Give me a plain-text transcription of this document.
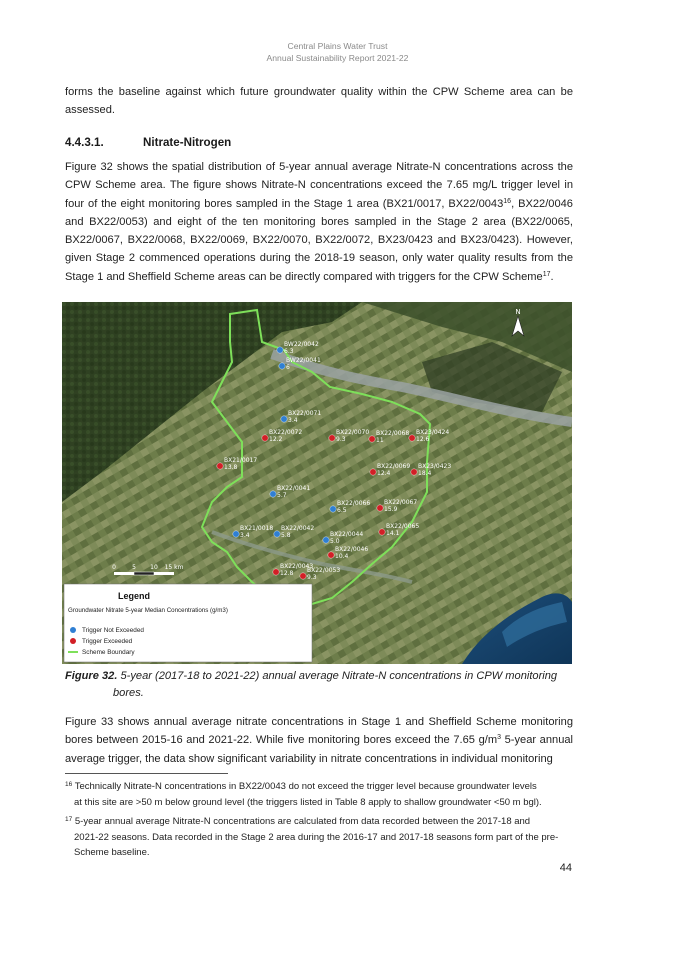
Central Plains Water Trust
Annual Sustainability Report 2021-22
forms the baseline against which future groundwater quality within the CPW Scheme area can be assessed.
4.4.3.1.	Nitrate-Nitrogen
Figure 32 shows the spatial distribution of 5-year annual average Nitrate-N concentrations across the CPW Scheme area. The figure shows Nitrate-N concentrations exceed the 7.65 mg/L trigger level in four of the eight monitoring bores sampled in the Stage 1 area (BX21/0017, BX22/0043$^{16}$, BX22/0046 and BX22/0053) and eight of the ten monitoring bores sampled in the Stage 2 area (BX22/0065, BX22/0067, BX22/0068, BX22/0069, BX22/0070, BX22/0072, BX23/0423 and BX23/0423). However, given Stage 2 commenced operations during the 2018-19 season, only water quality results from the Stage 1 and Sheffield Scheme areas can be directly compared with triggers for the CPW Scheme$^{17}$.
N
BW22/0042
6.3
BW22/0041
6
BX22/0071
3.4
BX22/0072
12.2
BX22/0070
9.3
BX22/0068
11
BX23/0424
12.6
BX21/0017
13.8	BX22/0069
12.4
BX23/0423
18.4
BX22/0041
5.7
BX22/0066
6.5
BX22/0067
15.9
BX21/0018
3.4
BX22/0042
5.8
BX22/0065
14.1
BX22/0044
5.0
BX22/0046
10.4
BX22/0043
12.8 BX22/0053
9.3
Legend
Groundwater Nitrate 5-year Median Concentrations (g/m3)
Trigger Not Exceeded
Trigger Exceeded
Scheme Boundary
0	5 10 15 km
Figure 32. 5-year (2017-18 to 2021-22) annual average Nitrate-N concentrations in CPW monitoring
bores.
Figure 33 shows annual average nitrate concentrations in Stage 1 and Sheffield Scheme monitoring bores between 2015-16 and 2021-22. While five monitoring bores exceed the 7.65 $g/m^3$ 5-year annual average trigger, the data show significant variability in nitrate concentrations in individual monitoring
$^{16}$ Technically Nitrate-N concentrations in BX22/0043 do not exceed the trigger level because groundwater levels
at this site are >50 m below ground level (the triggers listed in Table 8 apply to shallow groundwater <50 m bgl).
$^{17}$ 5-year annual average Nitrate-N concentrations are calculated from data recorded between the 2017-18 and
2021-22 seasons. Data recorded in the Stage 2 area during the 2016-17 and 2017-18 seasons form part of the pre-Scheme baseline.
44
